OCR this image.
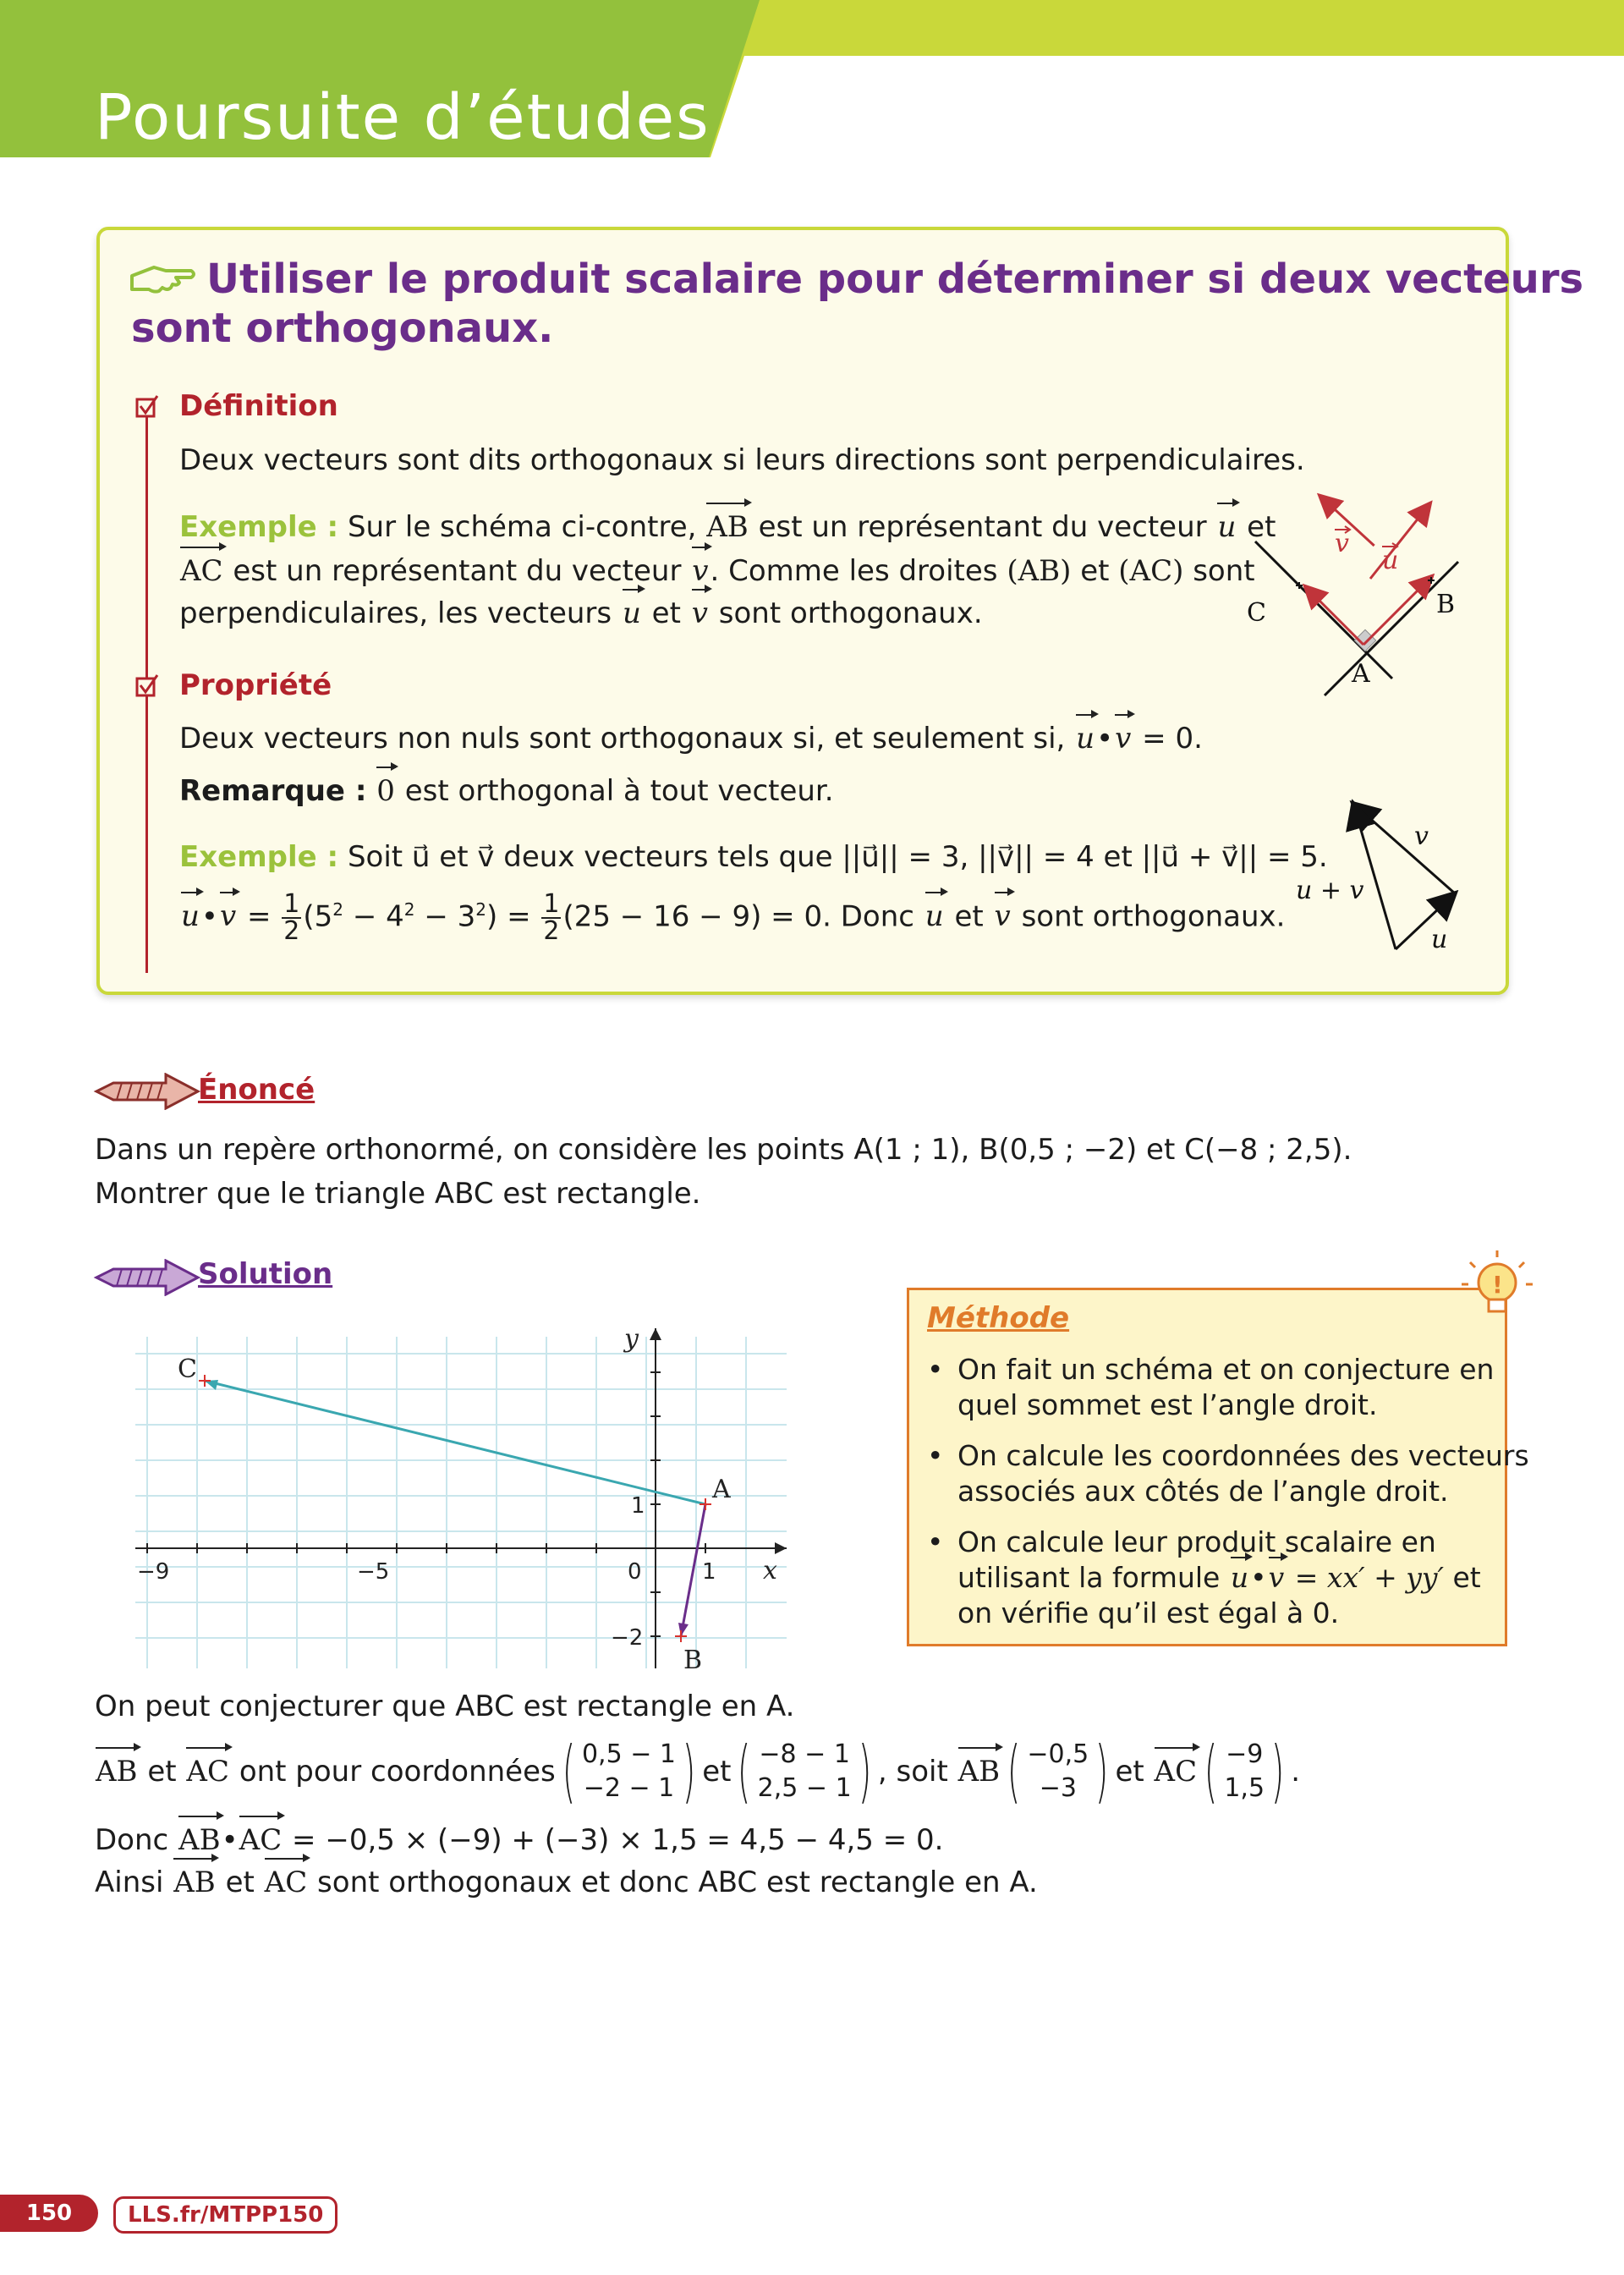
Poursuite d’études
Utiliser le produit scalaire pour déterminer si deux vecteurs
sont orthogonaux.
Définition
Deux vecteurs sont dits orthogonaux si leurs directions sont perpendiculaires.
Exemple : Sur le schéma ci-contre, AB est un représentant du vecteur u et
AC est un représentant du vecteur v. Comme les droites (AB) et (AC) sont
perpendiculaires, les vecteurs u et v sont orthogonaux.	C	B
A
v
u
Propriété
Deux vecteurs non nuls sont orthogonaux si, et seulement si, u•v = 0.
Remarque : 0 est orthogonal à tout vecteur.
Exemple : Soit u⃗ et v⃗ deux vecteurs tels que ||u⃗|| = 3, ||v⃗|| = 4 et ||u⃗ + v⃗|| = 5.
u•v = $\frac{1}{2} (5^2 - 4^2 - 3^2) = \frac{1}{2} (25 - 16 - 9) = 0$. Donc u et v sont orthogonaux.
u + v
v
u
Énoncé
Dans un repère orthonormé, on considère les points A(1 ; 1), B(0,5 ; −2) et C(−8 ; 2,5).
Montrer que le triangle ABC est rectangle.
Solution
−9	−5	0	1
1
−2
x
y
C
A
B
!
Méthode
• On fait un schéma et on conjecture en
quel sommet est l’angle droit.
• On calcule les coordonnées des vecteurs
associés aux côtés de l’angle droit.
• On calcule leur produit scalaire en
utilisant la formule u•v = xx′ + yy′ et
on vérifie qu’il est égal à 0.
On peut conjecturer que ABC est rectangle en A.
AB
et
AC
ont pour coordonnées ( 0,5 − 1
−2 − 1 ) et ( −8 − 1
2,5 − 1 ) , soit
AB ( −0,5
−3 ) et
AC ( −9
1,5 ) .
Donc AB•AC = −0,5 × (−9) + (−3) × 1,5 = 4,5 − 4,5 = 0.
Ainsi AB et AC sont orthogonaux et donc ABC est rectangle en A.
150	LLS.fr/MTPP150
